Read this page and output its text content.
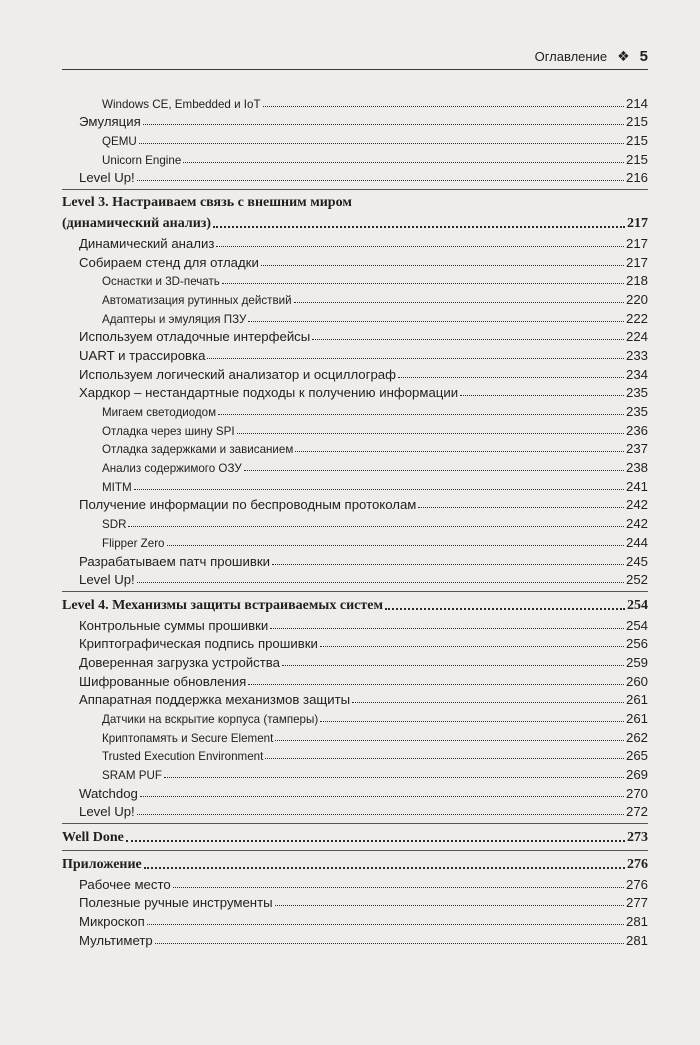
Оглавление ❖ 5
Windows CE, Embedded и IoT	214
Эмуляция	215
QEMU	215
Unicorn Engine	215
Level Up!	216
Level 3. Настраиваем связь с внешним миром
(динамический анализ)	217
Динамический анализ	217
Собираем стенд для отладки	217
Оснастки и 3D-печать	218
Автоматизация рутинных действий	220
Адаптеры и эмуляция ПЗУ	222
Используем отладочные интерфейсы	224
UART и трассировка	233
Используем логический анализатор и осциллограф	234
Хардкор – нестандартные подходы к получению информации	235
Мигаем светодиодом	235
Отладка через шину SPI	236
Отладка задержками и зависанием	237
Анализ содержимого ОЗУ	238
MITM	241
Получение информации по беспроводным протоколам	242
SDR	242
Flipper Zero	244
Разрабатываем патч прошивки	245
Level Up!	252
Level 4. Механизмы защиты встраиваемых систем	254
Контрольные суммы прошивки	254
Криптографическая подпись прошивки	256
Доверенная загрузка устройства	259
Шифрованные обновления	260
Аппаратная поддержка механизмов защиты	261
Датчики на вскрытие корпуса (тамперы)	261
Криптопамять и Secure Element	262
Trusted Execution Environment	265
SRAM PUF	269
Watchdog	270
Level Up!	272
Well Done	273
Приложение	276
Рабочее место	276
Полезные ручные инструменты	277
Микроскоп	281
Мультиметр	281
